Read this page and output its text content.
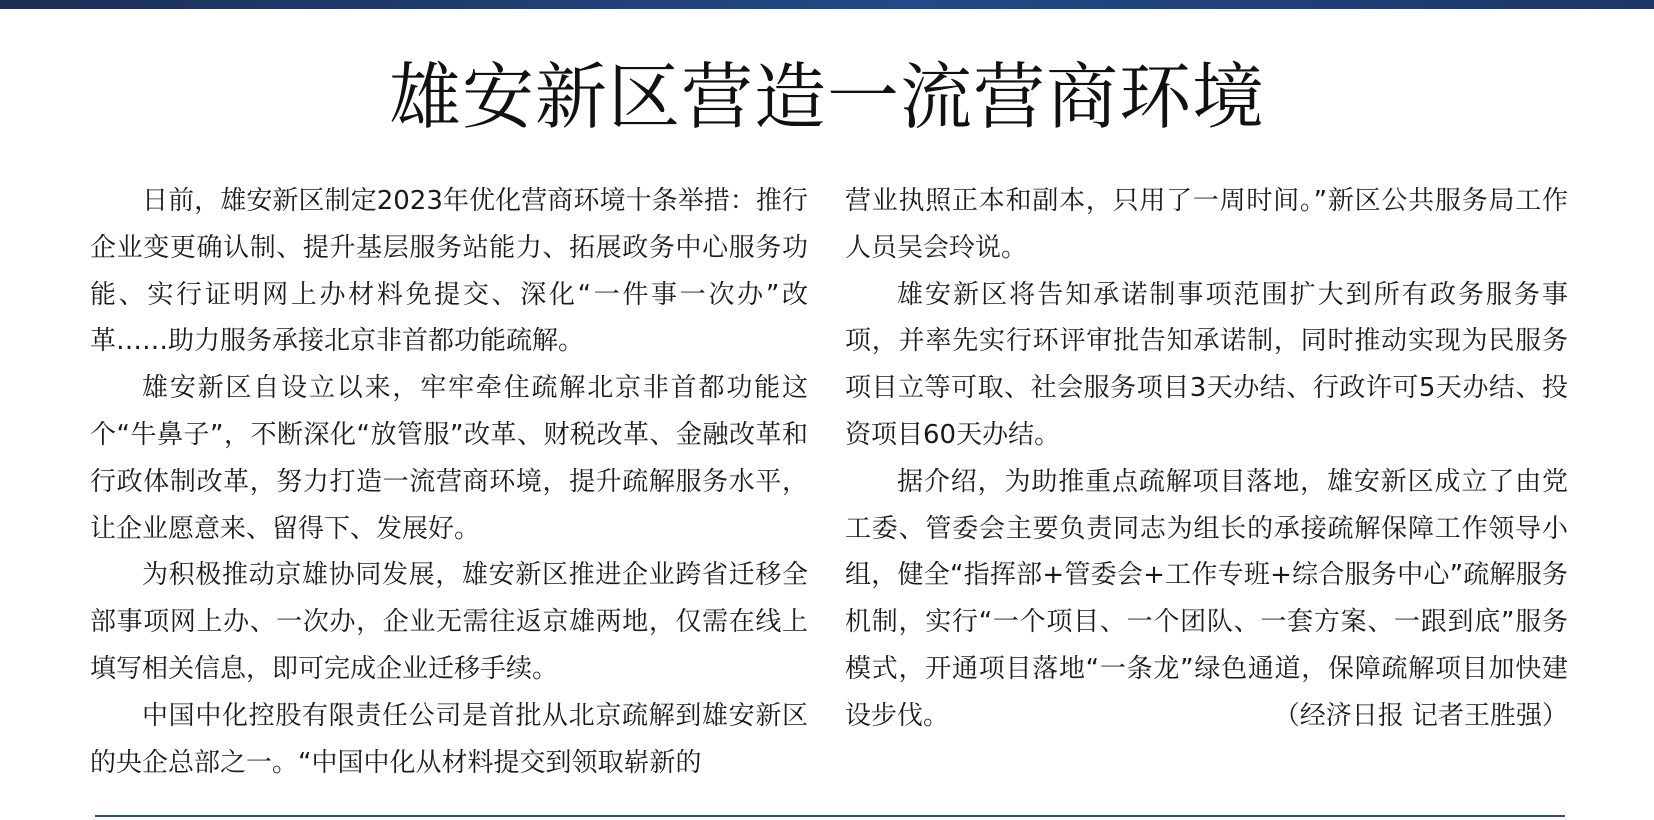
雄安新区营造一流营商环境

日前，雄安新区制定2023年优化营商环境十条举措：推行企业变更确认制、提升基层服务站能力、拓展政务中心服务功能、实行证明网上办材料免提交、深化“一件事一次办”改革……助力服务承接北京非首都功能疏解。

雄安新区自设立以来，牢牢牵住疏解北京非首都功能这个“牛鼻子”，不断深化“放管服”改革、财税改革、金融改革和行政体制改革，努力打造一流营商环境，提升疏解服务水平，让企业愿意来、留得下、发展好。

为积极推动京雄协同发展，雄安新区推进企业跨省迁移全部事项网上办、一次办，企业无需往返京雄两地，仅需在线上填写相关信息，即可完成企业迁移手续。

中国中化控股有限责任公司是首批从北京疏解到雄安新区的央企总部之一。“中国中化从材料提交到领取崭新的

营业执照正本和副本，只用了一周时间。”新区公共服务局工作人员吴会玲说。

雄安新区将告知承诺制事项范围扩大到所有政务服务事项，并率先实行环评审批告知承诺制，同时推动实现为民服务项目立等可取、社会服务项目3天办结、行政许可5天办结、投资项目60天办结。

据介绍，为助推重点疏解项目落地，雄安新区成立了由党工委、管委会主要负责同志为组长的承接疏解保障工作领导小组，健全“指挥部+管委会+工作专班+综合服务中心”疏解服务机制，实行“一个项目、一个团队、一套方案、一跟到底”服务模式，开通项目落地“一条龙”绿色通道，保障疏解项目加快建设步伐。	（经济日报 记者王胜强）
